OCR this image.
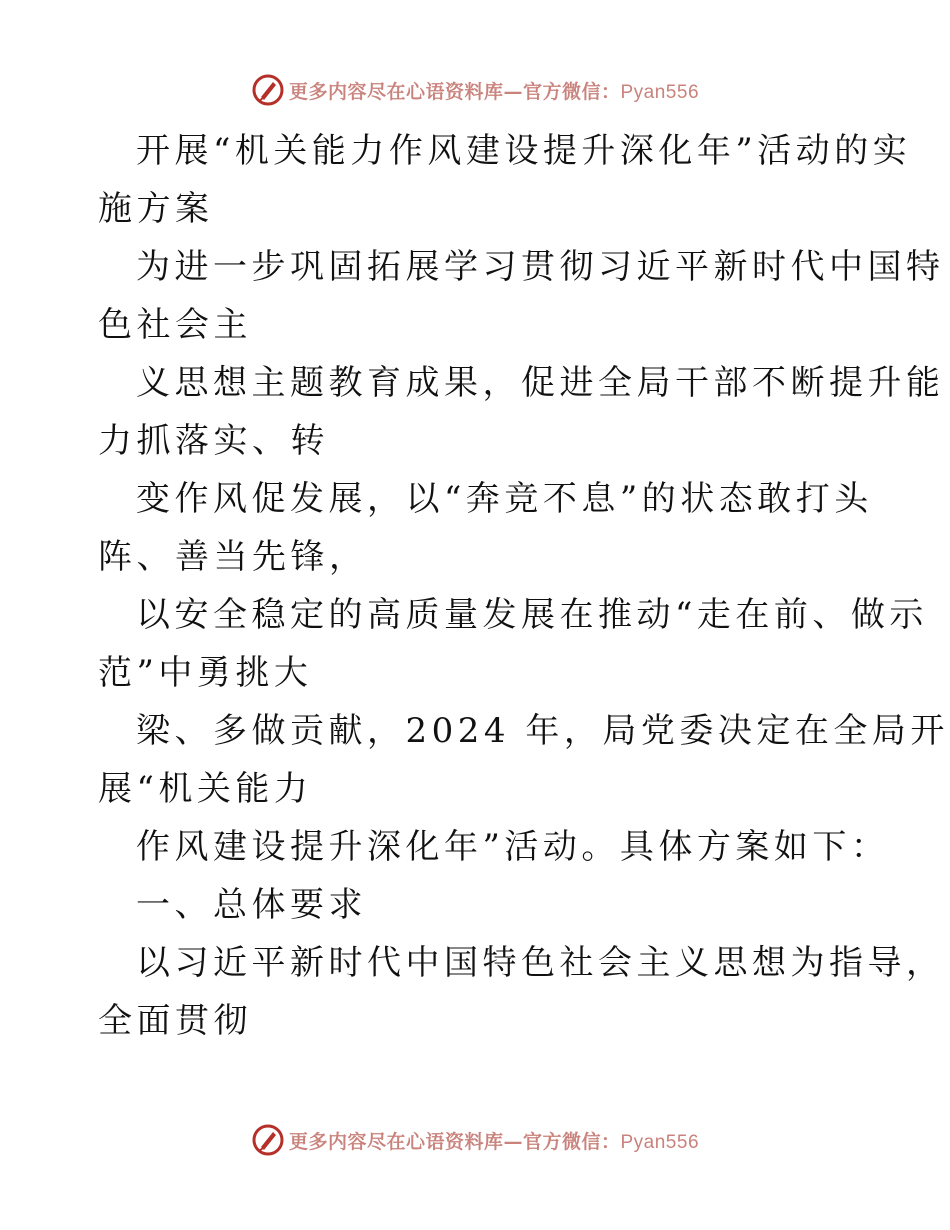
更多内容尽在心语资料库—官方微信：Pyan556
开展“机关能力作风建设提升深化年”活动的实
施方案
为进一步巩固拓展学习贯彻习近平新时代中国特
色社会主
义思想主题教育成果，促进全局干部不断提升能
力抓落实、转
变作风促发展，以“奔竞不息”的状态敢打头
阵、善当先锋，
以安全稳定的高质量发展在推动“走在前、做示
范”中勇挑大
梁、多做贡献，2024 年，局党委决定在全局开
展“机关能力
作风建设提升深化年”活动。具体方案如下：
一、总体要求
以习近平新时代中国特色社会主义思想为指导，
全面贯彻
更多内容尽在心语资料库—官方微信：Pyan556
